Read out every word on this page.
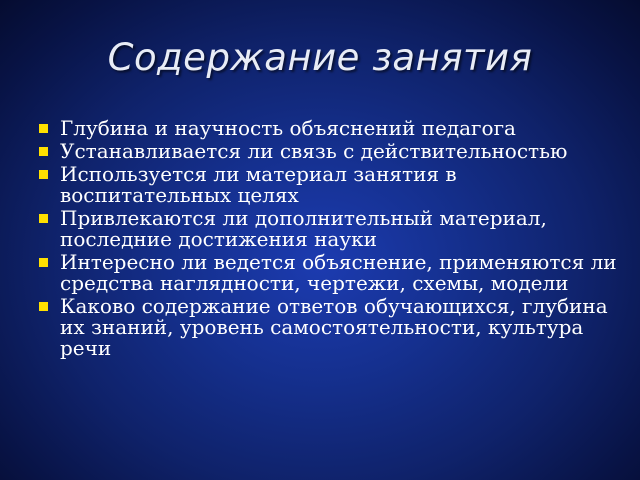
Содержание занятия
Глубина и научность объяснений педагога
Устанавливается ли связь с действительностью
Используется ли материал занятия в воспитательных целях
Привлекаются ли дополнительный материал, последние достижения науки
Интересно ли ведется объяснение, применяются ли средства наглядности, чертежи, схемы, модели
Каково содержание ответов обучающихся, глубина их знаний, уровень самостоятельности, культура речи
